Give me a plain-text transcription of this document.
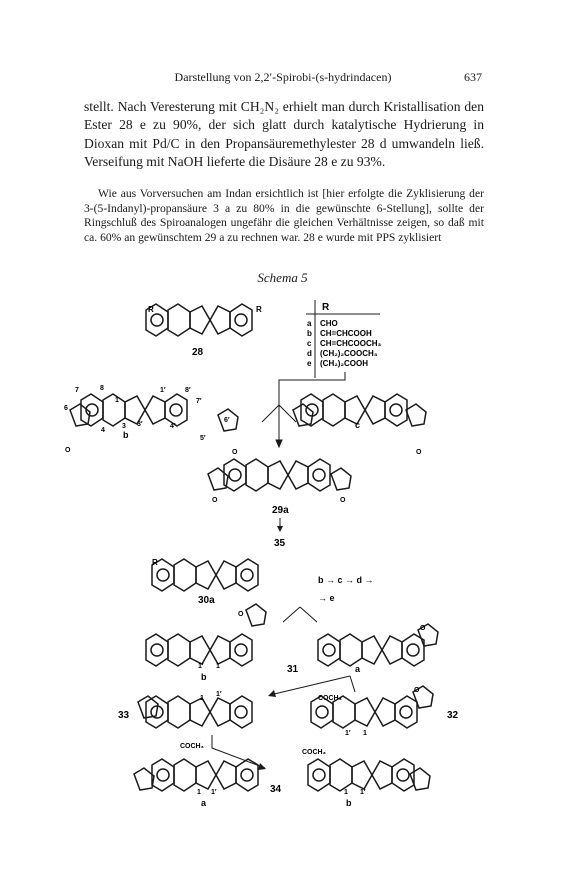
Darstellung von 2,2′-Spirobi-(s-hydrindacen)	637

stellt. Nach Veresterung mit CH₂N₂ erhielt man durch Kristallisation den Ester 28 e zu 90%, der sich glatt durch katalytische Hydrierung in Dioxan mit Pd/C in den Propansäuremethylester 28 d umwandeln ließ. Verseifung mit NaOH lieferte die Disäure 28 e zu 93%.

Wie aus Vorversuchen am Indan ersichtlich ist [hier erfolgte die Zyklisierung der 3-(5-Indanyl)-propansäure 3 a zu 80% in die gewünschte 6-Stellung], sollte der Ringschluß des Spiroanalogen ungefähr die gleichen Verhältnisse zeigen, so daß mit ca. 60% an gewünschtem 29 a zu rechnen war. 28 e wurde mit PPS zyklisiert

Schema 5
R	R
28
R
a CHO
b CH=CHCOOH
c CH=CHCOOCH₃
d (CH₂)₂COOCH₃
e (CH₂)₂COOH
1
7	8
3 3′
4
6
1′	8′
7′
6′
5′
4′
O	O
b
c
O
O	O
29a
35
R
30a
b → c → d →
→ e
O
1′ 1
b
31
O
a
33
1
1′
O
COCH₃
32
1′ 1
COCH₃
1 1′
a
34
COCH₃
1 1′
b
